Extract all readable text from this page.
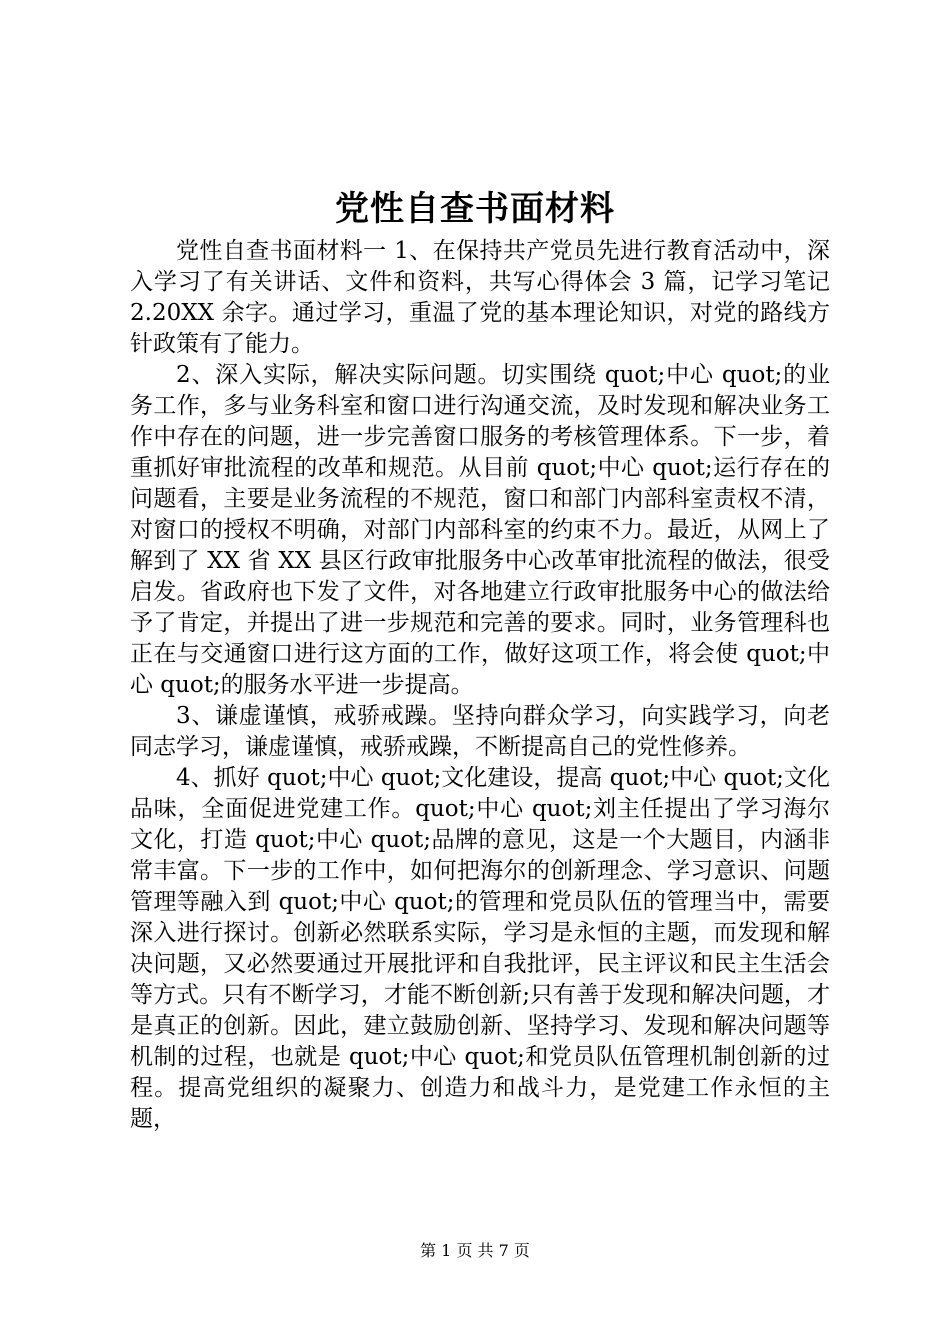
党性自查书面材料

党性自查书面材料一 1、在保持共产党员先进行教育活动中，深入学习了有关讲话、文件和资料，共写心得体会 3 篇，记学习笔记 2.20XX 余字。通过学习，重温了党的基本理论知识，对党的路线方针政策有了能力。

2、深入实际，解决实际问题。切实围绕 quot;中心 quot;的业务工作，多与业务科室和窗口进行沟通交流，及时发现和解决业务工作中存在的问题，进一步完善窗口服务的考核管理体系。下一步，着重抓好审批流程的改革和规范。从目前 quot;中心 quot;运行存在的问题看，主要是业务流程的不规范，窗口和部门内部科室责权不清，对窗口的授权不明确，对部门内部科室的约束不力。最近，从网上了解到了 XX 省 XX 县区行政审批服务中心改革审批流程的做法，很受启发。省政府也下发了文件，对各地建立行政审批服务中心的做法给予了肯定，并提出了进一步规范和完善的要求。同时，业务管理科也正在与交通窗口进行这方面的工作，做好这项工作，将会使 quot;中心 quot;的服务水平进一步提高。

3、谦虚谨慎，戒骄戒躁。坚持向群众学习，向实践学习，向老同志学习，谦虚谨慎，戒骄戒躁，不断提高自己的党性修养。

4、抓好 quot;中心 quot;文化建设，提高 quot;中心 quot;文化品味，全面促进党建工作。quot;中心 quot;刘主任提出了学习海尔文化，打造 quot;中心 quot;品牌的意见，这是一个大题目，内涵非常丰富。下一步的工作中，如何把海尔的创新理念、学习意识、问题管理等融入到 quot;中心 quot;的管理和党员队伍的管理当中，需要深入进行探讨。创新必然联系实际，学习是永恒的主题，而发现和解决问题，又必然要通过开展批评和自我批评，民主评议和民主生活会等方式。只有不断学习，才能不断创新;只有善于发现和解决问题，才是真正的创新。因此，建立鼓励创新、坚持学习、发现和解决问题等机制的过程，也就是 quot;中心 quot;和党员队伍管理机制创新的过程。提高党组织的凝聚力、创造力和战斗力，是党建工作永恒的主题，

第 1 页 共 7 页
